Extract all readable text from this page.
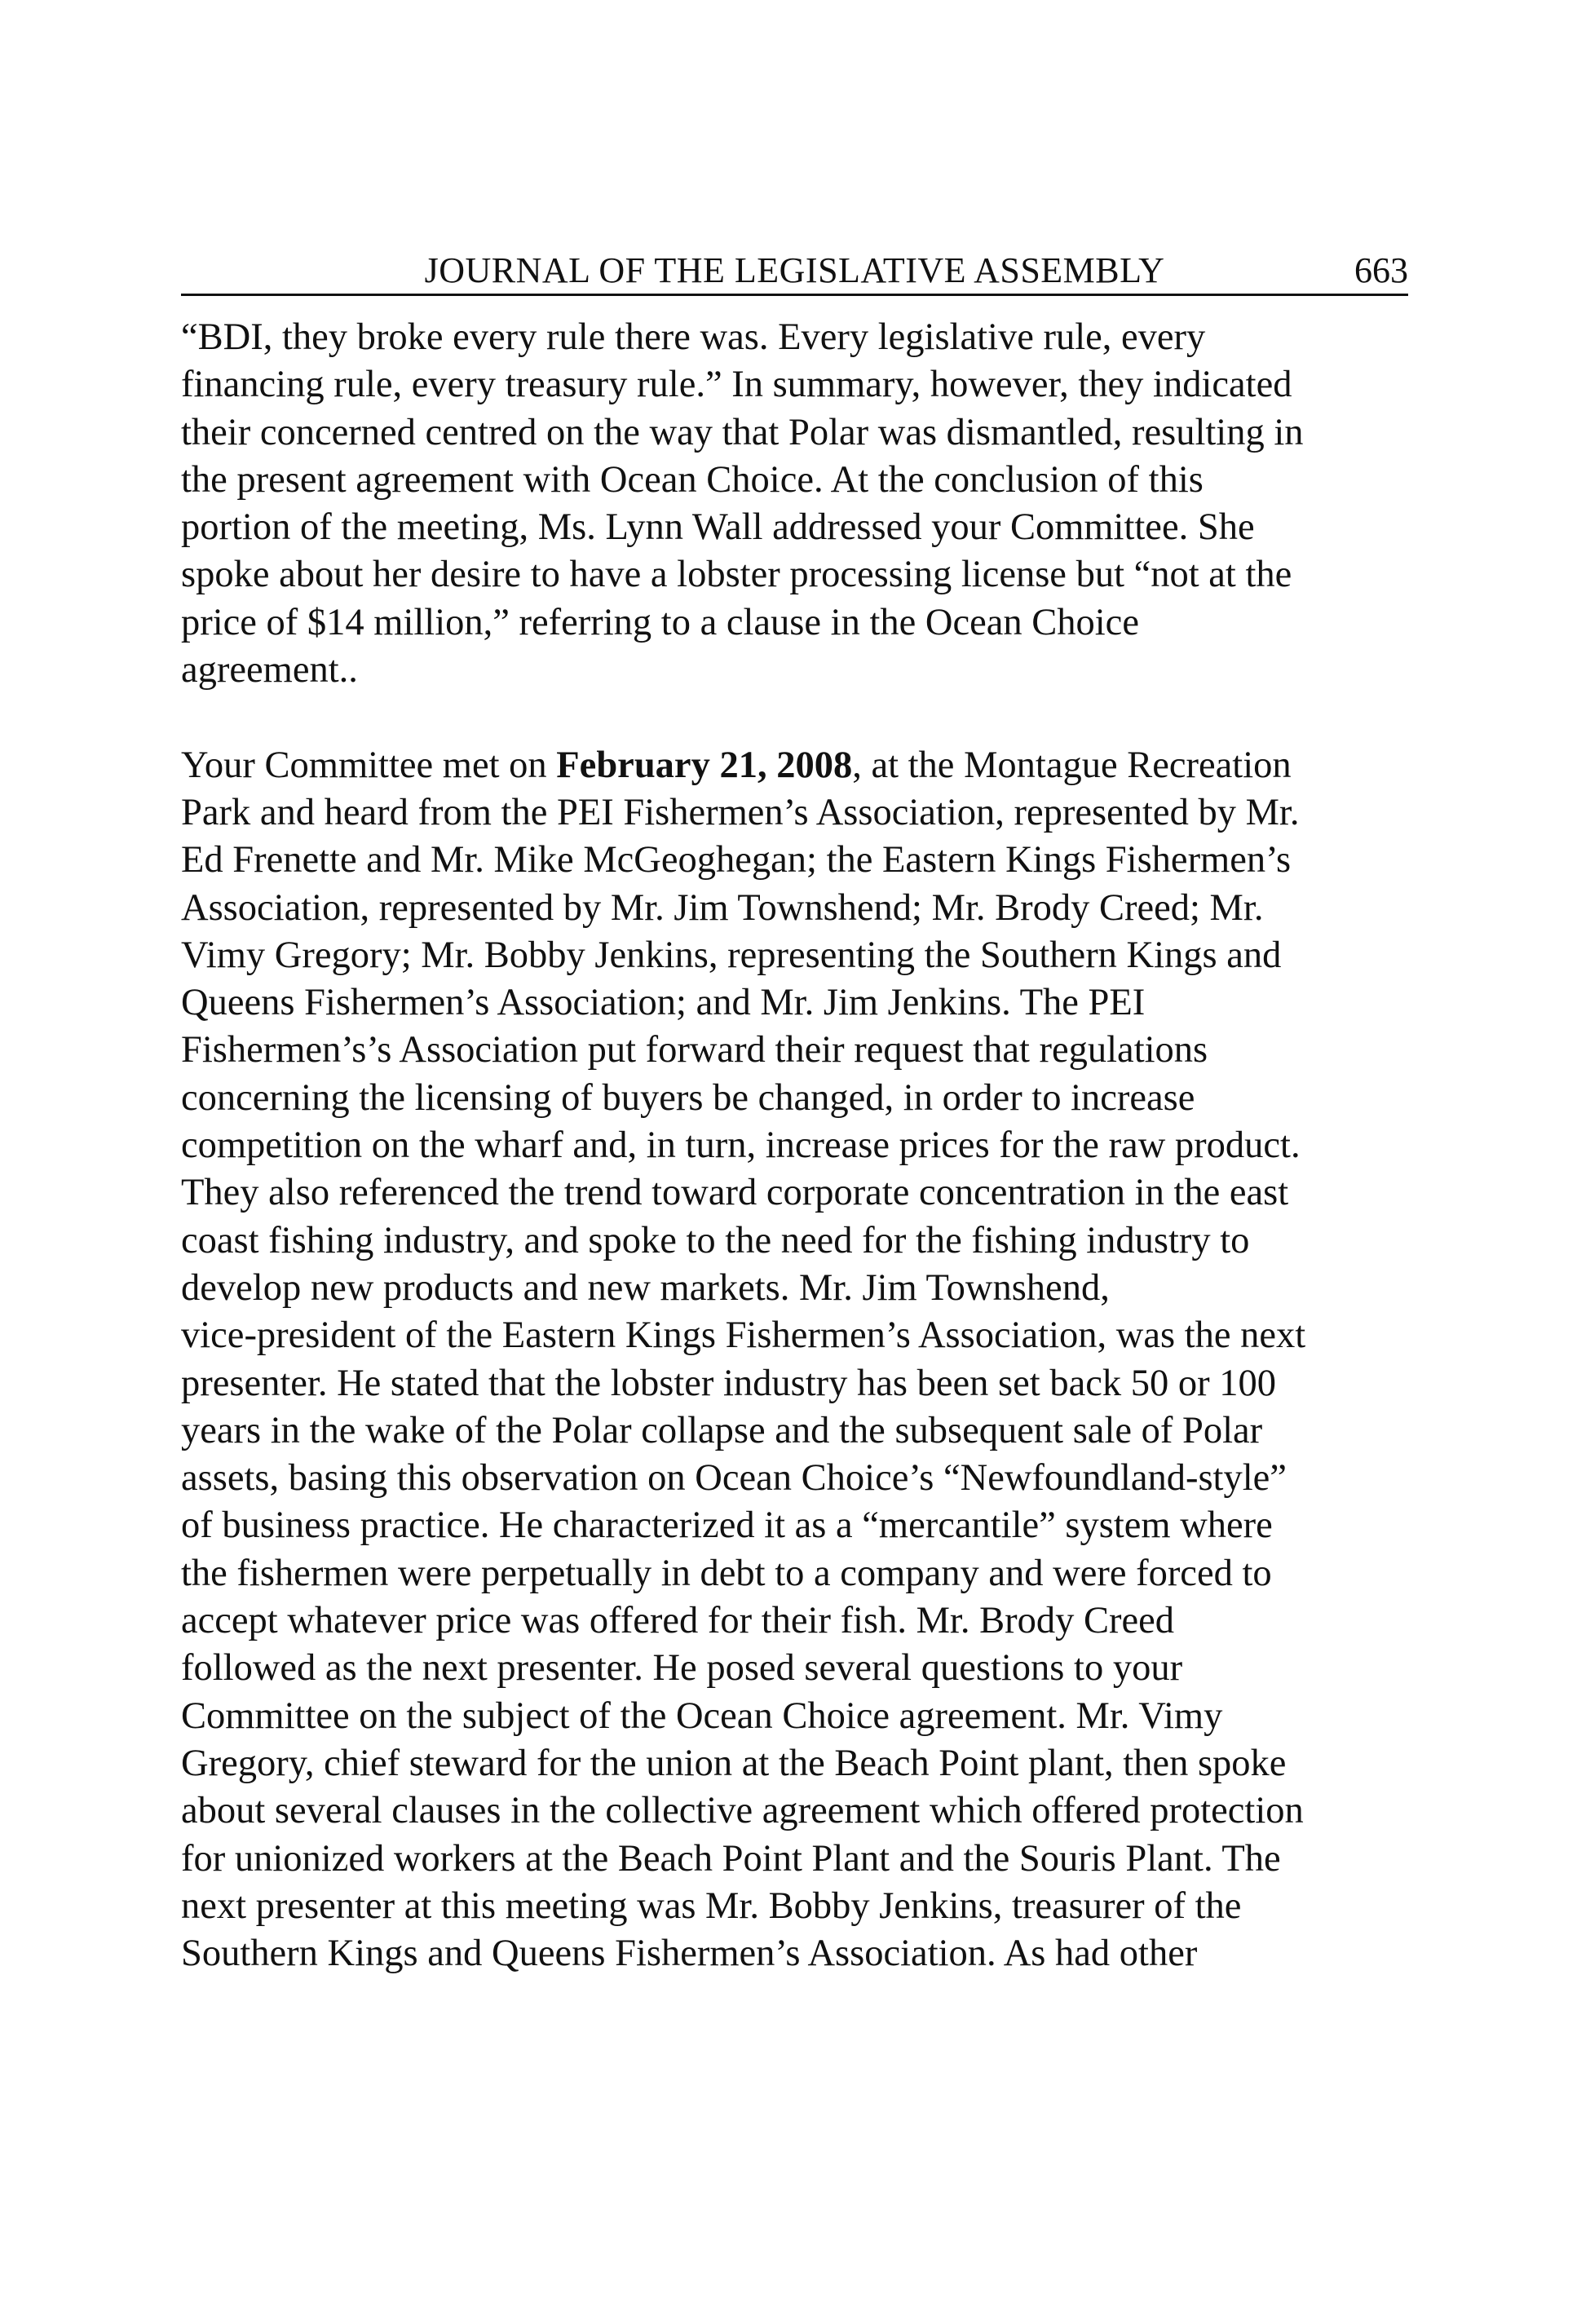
JOURNAL OF THE LEGISLATIVE ASSEMBLY	663
“BDI, they broke every rule there was. Every legislative rule, every
financing rule, every treasury rule.” In summary, however, they indicated
their concerned centred on the way that Polar was dismantled, resulting in
the present agreement with Ocean Choice. At the conclusion of this
portion of the meeting, Ms. Lynn Wall addressed your Committee. She
spoke about her desire to have a lobster processing license but “not at the
price of $14 million,” referring to a clause in the Ocean Choice
agreement..
Your Committee met on February 21, 2008, at the Montague Recreation
Park and heard from the PEI Fishermen’s Association, represented by Mr.
Ed Frenette and Mr. Mike McGeoghegan; the Eastern Kings Fishermen’s
Association, represented by Mr. Jim Townshend; Mr. Brody Creed; Mr.
Vimy Gregory; Mr. Bobby Jenkins, representing the Southern Kings and
Queens Fishermen’s Association; and Mr. Jim Jenkins. The PEI
Fishermen’s’s Association put forward their request that regulations
concerning the licensing of buyers be changed, in order to increase
competition on the wharf and, in turn, increase prices for the raw product.
They also referenced the trend toward corporate concentration in the east
coast fishing industry, and spoke to the need for the fishing industry to
develop new products and new markets. Mr. Jim Townshend,
vice-president of the Eastern Kings Fishermen’s Association, was the next
presenter. He stated that the lobster industry has been set back 50 or 100
years in the wake of the Polar collapse and the subsequent sale of Polar
assets, basing this observation on Ocean Choice’s “Newfoundland-style”
of business practice. He characterized it as a “mercantile” system where
the fishermen were perpetually in debt to a company and were forced to
accept whatever price was offered for their fish. Mr. Brody Creed
followed as the next presenter. He posed several questions to your
Committee on the subject of the Ocean Choice agreement. Mr. Vimy
Gregory, chief steward for the union at the Beach Point plant, then spoke
about several clauses in the collective agreement which offered protection
for unionized workers at the Beach Point Plant and the Souris Plant. The
next presenter at this meeting was Mr. Bobby Jenkins, treasurer of the
Southern Kings and Queens Fishermen’s Association. As had other
